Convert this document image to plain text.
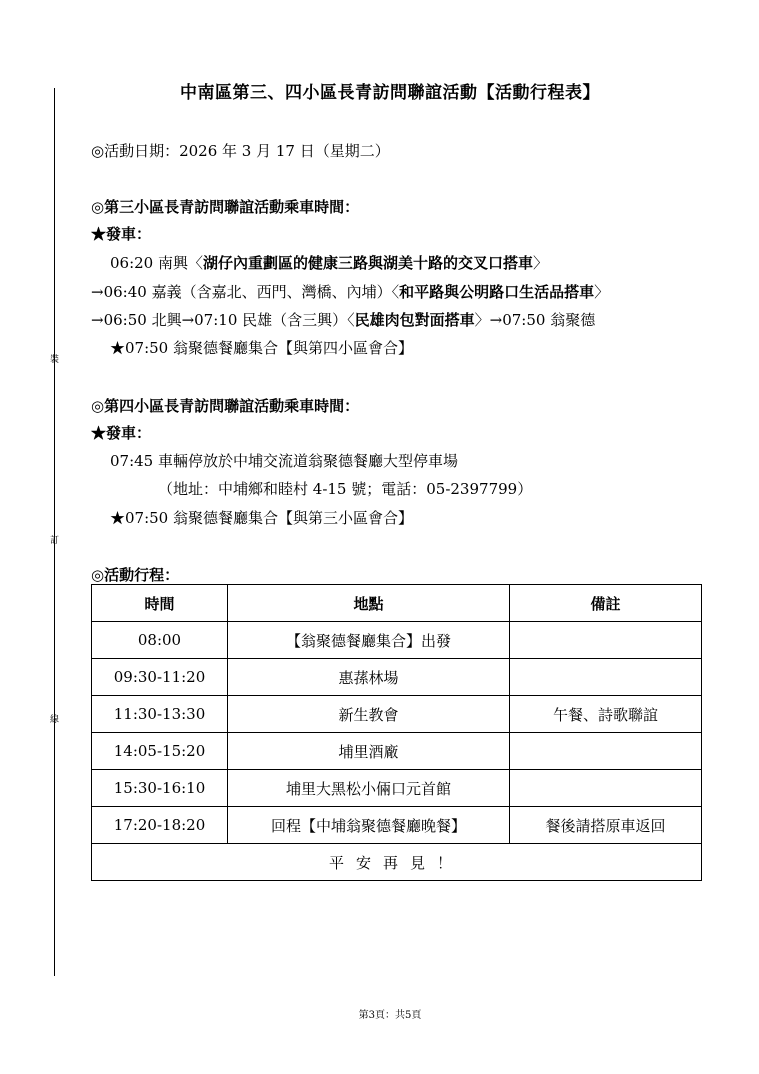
裝
訂
線
中南區第三、四小區長青訪問聯誼活動【活動行程表】
◎活動日期：2026 年 3 月 17 日（星期二）
◎第三小區長青訪問聯誼活動乘車時間：
★發車：
06:20 南興〈湖仔內重劃區的健康三路與湖美十路的交叉口搭車〉
→06:40 嘉義（含嘉北、西門、灣橋、內埔）〈和平路與公明路口生活品搭車〉
→06:50 北興→07:10 民雄（含三興）〈民雄肉包對面搭車〉→07:50 翁聚德
★07:50 翁聚德餐廳集合【與第四小區會合】
◎第四小區長青訪問聯誼活動乘車時間：
★發車：
07:45 車輛停放於中埔交流道翁聚德餐廳大型停車場
（地址：中埔鄉和睦村 4-15 號；電話：05-2397799）
★07:50 翁聚德餐廳集合【與第三小區會合】
◎活動行程：
時間	地點	備註
08:00	【翁聚德餐廳集合】出發	
09:30-11:20	惠蓀林場	
11:30-13:30	新生教會	午餐、詩歌聯誼
14:05-15:20	埔里酒廠	
15:30-16:10	埔里大黑松小倆口元首館	
17:20-18:20	回程【中埔翁聚德餐廳晚餐】	餐後請搭原車返回
平安再見！		
第3頁：共5頁
